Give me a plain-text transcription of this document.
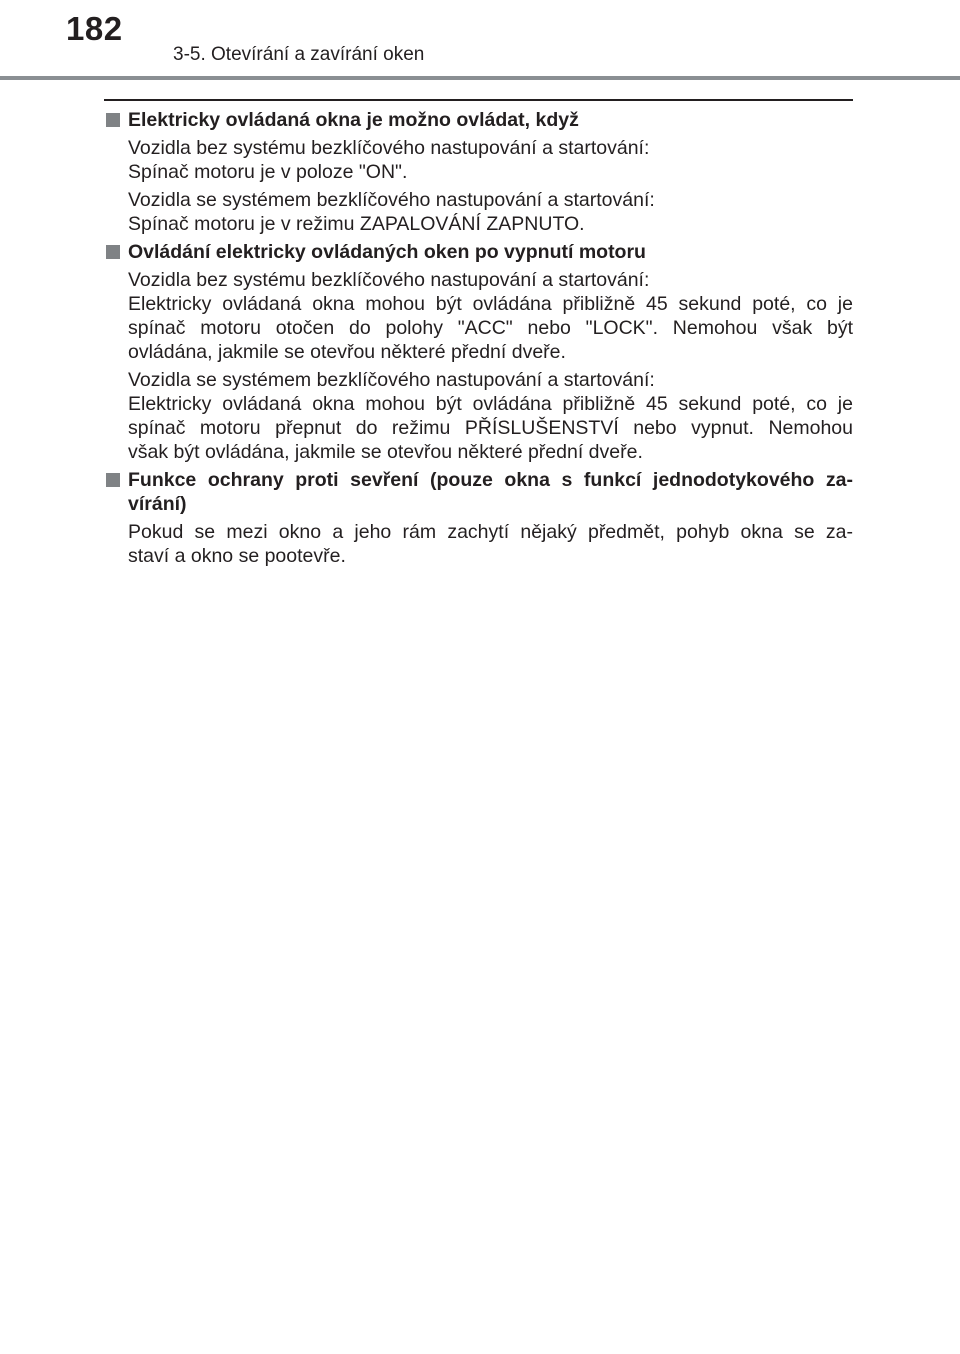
182
3-5. Otevírání a zavírání oken
Elektricky ovládaná okna je možno ovládat, když
Vozidla bez systému bezklíčového nastupování a startování:
Spínač motoru je v poloze "ON".
Vozidla se systémem bezklíčového nastupování a startování:
Spínač motoru je v režimu ZAPALOVÁNÍ ZAPNUTO.
Ovládání elektricky ovládaných oken po vypnutí motoru
Vozidla bez systému bezklíčového nastupování a startování:
Elektricky ovládaná okna mohou být ovládána přibližně 45 sekund poté, co je
spínač motoru otočen do polohy "ACC" nebo "LOCK". Nemohou však být
ovládána, jakmile se otevřou některé přední dveře.
Vozidla se systémem bezklíčového nastupování a startování:
Elektricky ovládaná okna mohou být ovládána přibližně 45 sekund poté, co je
spínač motoru přepnut do režimu PŘÍSLUŠENSTVÍ nebo vypnut. Nemohou
však být ovládána, jakmile se otevřou některé přední dveře.
Funkce ochrany proti sevření (pouze okna s funkcí jednodotykového za-
vírání)
Pokud se mezi okno a jeho rám zachytí nějaký předmět, pohyb okna se za-
staví a okno se pootevře.
